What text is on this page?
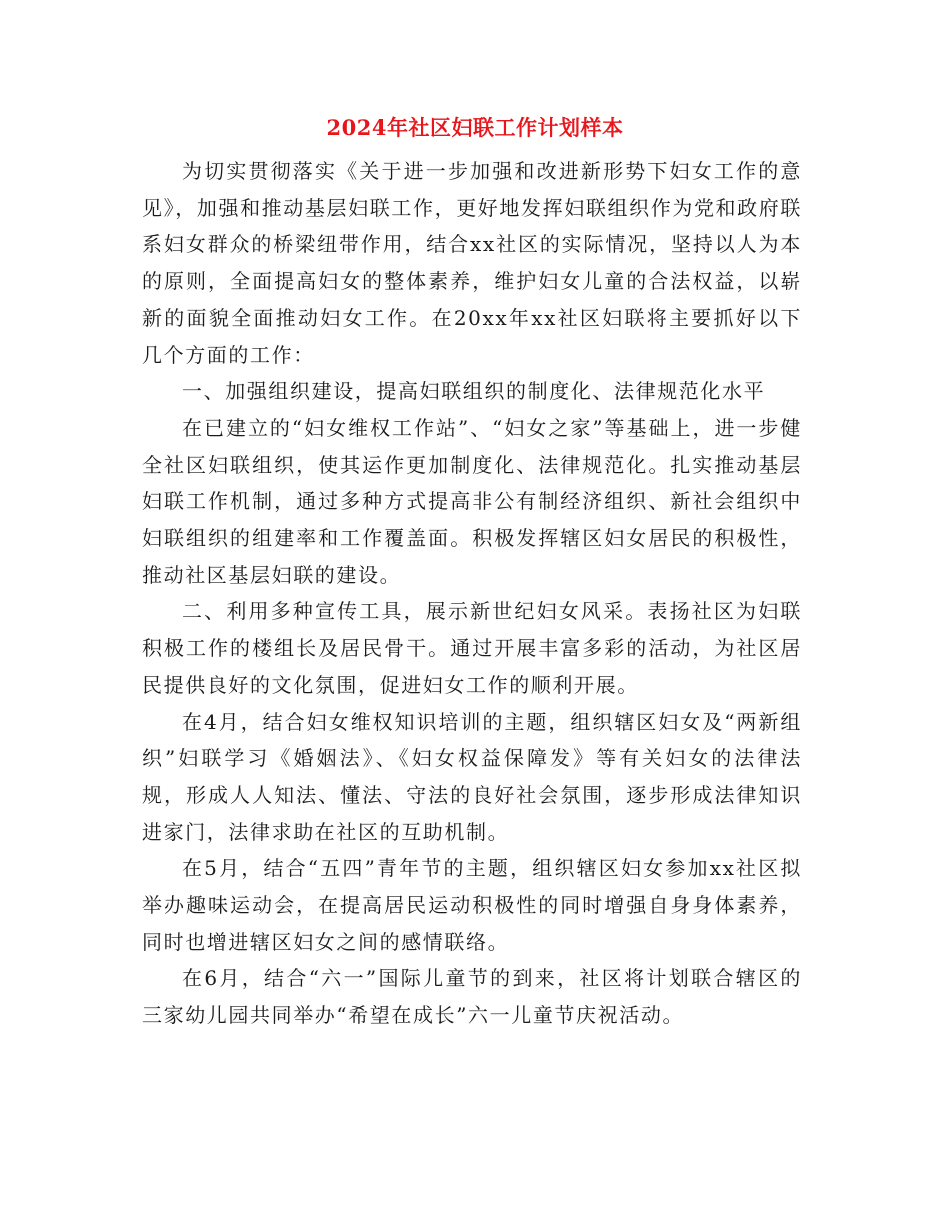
2024年社区妇联工作计划样本

为切实贯彻落实《关于进一步加强和改进新形势下妇女工作的意见》，加强和推动基层妇联工作，更好地发挥妇联组织作为党和政府联系妇女群众的桥梁纽带作用，结合xx社区的实际情况，坚持以人为本的原则，全面提高妇女的整体素养，维护妇女儿童的合法权益，以崭新的面貌全面推动妇女工作。在20xx年xx社区妇联将主要抓好以下几个方面的工作：

一、加强组织建设，提高妇联组织的制度化、法律规范化水平

在已建立的“妇女维权工作站”、“妇女之家”等基础上，进一步健全社区妇联组织，使其运作更加制度化、法律规范化。扎实推动基层妇联工作机制，通过多种方式提高非公有制经济组织、新社会组织中妇联组织的组建率和工作覆盖面。积极发挥辖区妇女居民的积极性，推动社区基层妇联的建设。

二、利用多种宣传工具，展示新世纪妇女风采。表扬社区为妇联积极工作的楼组长及居民骨干。通过开展丰富多彩的活动，为社区居民提供良好的文化氛围，促进妇女工作的顺利开展。

在4月，结合妇女维权知识培训的主题，组织辖区妇女及“两新组织”妇联学习《婚姻法》、《妇女权益保障发》等有关妇女的法律法规，形成人人知法、懂法、守法的良好社会氛围，逐步形成法律知识进家门，法律求助在社区的互助机制。

在5月，结合“五四”青年节的主题，组织辖区妇女参加xx社区拟举办趣味运动会，在提高居民运动积极性的同时增强自身身体素养，同时也增进辖区妇女之间的感情联络。

在6月，结合“六一”国际儿童节的到来，社区将计划联合辖区的三家幼儿园共同举办“希望在成长”六一儿童节庆祝活动。
